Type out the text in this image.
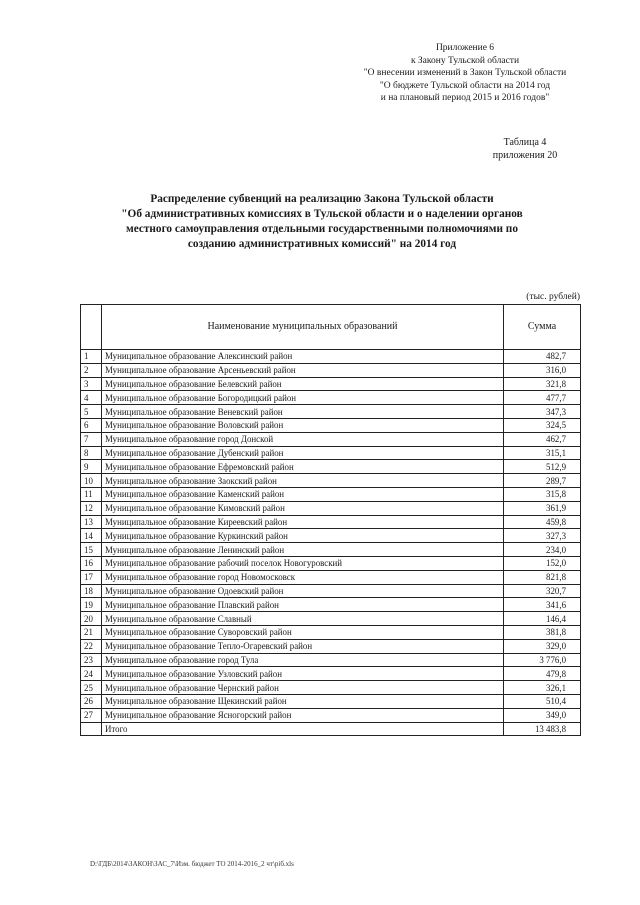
Приложение 6
к Закону Тульской области
"О внесении изменений в Закон Тульской области
"О бюджете Тульской области на 2014 год
и на плановый период 2015 и 2016 годов"
Таблица 4
приложения 20
Распределение субвенций на реализацию Закона Тульской области
"Об административных комиссиях в Тульской области и о наделении органов
местного самоуправления отдельными государственными полномочиями по
созданию административных комиссий" на 2014 год
(тыс. рублей)
	Наименование муниципальных образований	Сумма
1	Муниципальное образование Алексинский район	482,7
2	Муниципальное образование Арсеньевский район	316,0
3	Муниципальное образование Белевский район	321,8
4	Муниципальное образование Богородицкий район	477,7
5	Муниципальное образование Веневский район	347,3
6	Муниципальное образование Воловский район	324,5
7	Муниципальное образование город Донской	462,7
8	Муниципальное образование Дубенский район	315,1
9	Муниципальное образование Ефремовский район	512,9
10	Муниципальное образование Заокский район	289,7
11	Муниципальное образование Каменский район	315,8
12	Муниципальное образование Кимовский район	361,9
13	Муниципальное образование Киреевский район	459,8
14	Муниципальное образование Куркинский район	327,3
15	Муниципальное образование Ленинский район	234,0
16	Муниципальное образование рабочий поселок Новогуровский	152,0
17	Муниципальное образование город Новомосковск	821,8
18	Муниципальное образование Одоевский район	320,7
19	Муниципальное образование Плавский район	341,6
20	Муниципальное образование Славный	146,4
21	Муниципальное образование Суворовский район	381,8
22	Муниципальное образование Тепло-Огаревский район	329,0
23	Муниципальное образование город Тула	3 776,0
24	Муниципальное образование Узловский район	479,8
25	Муниципальное образование Чернский район	326,1
26	Муниципальное образование Щекинский район	510,4
27	Муниципальное образование Ясногорский район	349,0
	Итого	13 483,8
D:\ГДБ\2014\ЗАКОН\ЗАС_7\Изм. бюджет ТО 2014-2016_2 чт\рiб.xls
